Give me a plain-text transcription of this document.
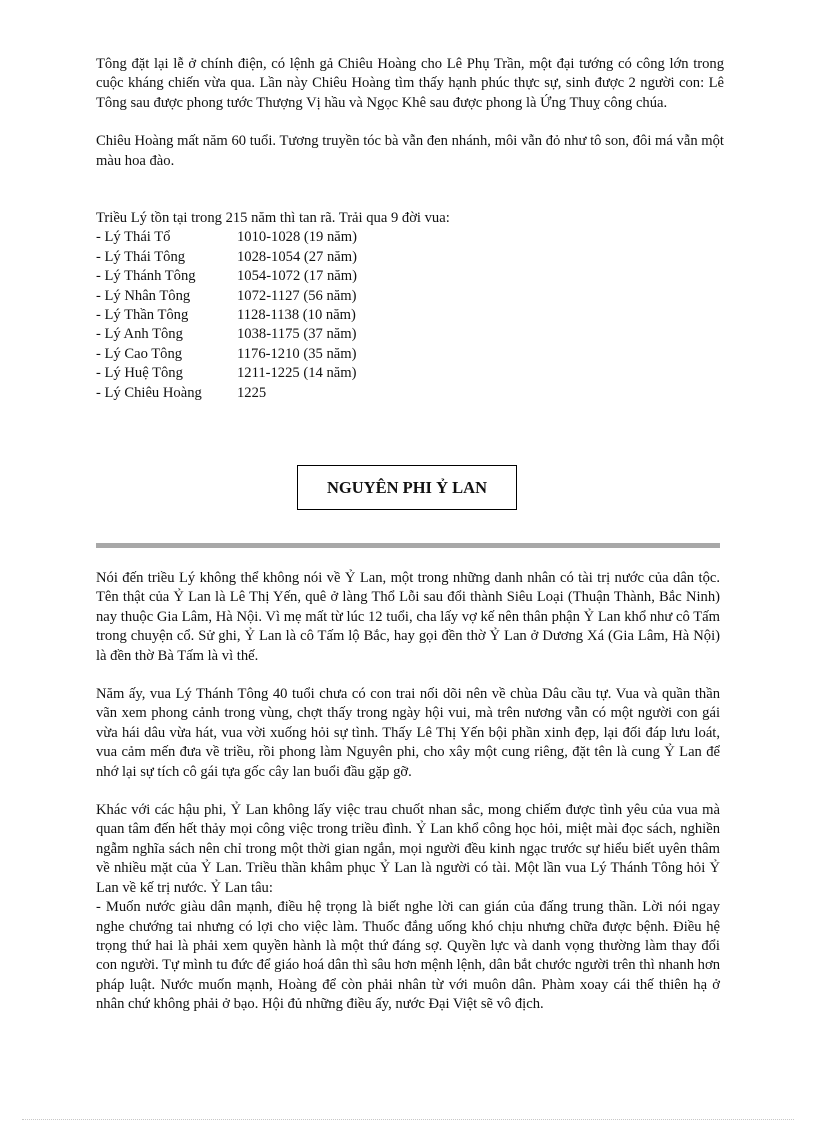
Tông đặt lại lễ ở chính điện, có lệnh gả Chiêu Hoàng cho Lê Phụ Trần, một đại tướng có công lớn trong cuộc kháng chiến vừa qua. Lần này Chiêu Hoàng tìm thấy hạnh phúc thực sự, sinh được 2 người con: Lê Tông sau được phong tước Thượng Vị hầu và Ngọc Khê sau được phong là Ứng Thuỵ công chúa.

Chiêu Hoàng mất năm 60 tuổi. Tương truyền tóc bà vẫn đen nhánh, môi vẫn đỏ như tô son, đôi má vẫn một màu hoa đào.

Triều Lý tồn tại trong 215 năm thì tan rã. Trải qua 9 đời vua:
- Lý Thái Tổ	1010-1028 (19 năm)
- Lý Thái Tông	1028-1054 (27 năm)
- Lý Thánh Tông	1054-1072 (17 năm)
- Lý Nhân Tông	1072-1127 (56 năm)
- Lý Thần Tông	1128-1138 (10 năm)
- Lý Anh Tông	1038-1175 (37 năm)
- Lý Cao Tông	1176-1210 (35 năm)
- Lý Huệ Tông	1211-1225 (14 năm)
- Lý Chiêu Hoàng	1225
NGUYÊN PHI Ỷ LAN

Nói đến triều Lý không thể không nói về Ỷ Lan, một trong những danh nhân có tài trị nước của dân tộc. Tên thật của Ỷ Lan là Lê Thị Yến, quê ở làng Thổ Lỗi sau đổi thành Siêu Loại (Thuận Thành, Bắc Ninh) nay thuộc Gia Lâm, Hà Nội. Vì mẹ mất từ lúc 12 tuổi, cha lấy vợ kế nên thân phận Ỷ Lan khổ như cô Tấm trong chuyện cổ. Sử ghi, Ỷ Lan là cô Tấm lộ Bắc, hay gọi đền thờ Ỷ Lan ở Dương Xá (Gia Lâm, Hà Nội) là đền thờ Bà Tấm là vì thế.

Năm ấy, vua Lý Thánh Tông 40 tuổi chưa có con trai nối dõi nên về chùa Dâu cầu tự. Vua và quần thần vãn xem phong cảnh trong vùng, chợt thấy trong ngày hội vui, mà trên nương vẫn có một người con gái vừa hái dâu vừa hát, vua vời xuống hỏi sự tình. Thấy Lê Thị Yến bội phần xinh đẹp, lại đối đáp lưu loát, vua cảm mến đưa về triều, rồi phong làm Nguyên phi, cho xây một cung riêng, đặt tên là cung Ỷ Lan để nhớ lại sự tích cô gái tựa gốc cây lan buổi đầu gặp gỡ.

Khác với các hậu phi, Ỷ Lan không lấy việc trau chuốt nhan sắc, mong chiếm được tình yêu của vua mà quan tâm đến hết thảy mọi công việc trong triều đình. Ỷ Lan khổ công học hỏi, miệt mài đọc sách, nghiền ngẫm nghĩa sách nên chỉ trong một thời gian ngắn, mọi người đều kinh ngạc trước sự hiểu biết uyên thâm về nhiều mặt của Ỷ Lan. Triều thần khâm phục Ỷ Lan là người có tài. Một lần vua Lý Thánh Tông hỏi Ỷ Lan về kế trị nước. Ỷ Lan tâu:

- Muốn nước giàu dân mạnh, điều hệ trọng là biết nghe lời can gián của đấng trung thần. Lời nói ngay nghe chướng tai nhưng có lợi cho việc làm. Thuốc đắng uống khó chịu nhưng chữa được bệnh. Điều hệ trọng thứ hai là phải xem quyền hành là một thứ đáng sợ. Quyền lực và danh vọng thường làm thay đổi con người. Tự mình tu đức để giáo hoá dân thì sâu hơn mệnh lệnh, dân bắt chước người trên thì nhanh hơn pháp luật. Nước muốn mạnh, Hoàng để còn phải nhân từ với muôn dân. Phàm xoay cái thế thiên hạ ở nhân chứ không phải ở bạo. Hội đủ những điều ấy, nước Đại Việt sẽ vô địch.
